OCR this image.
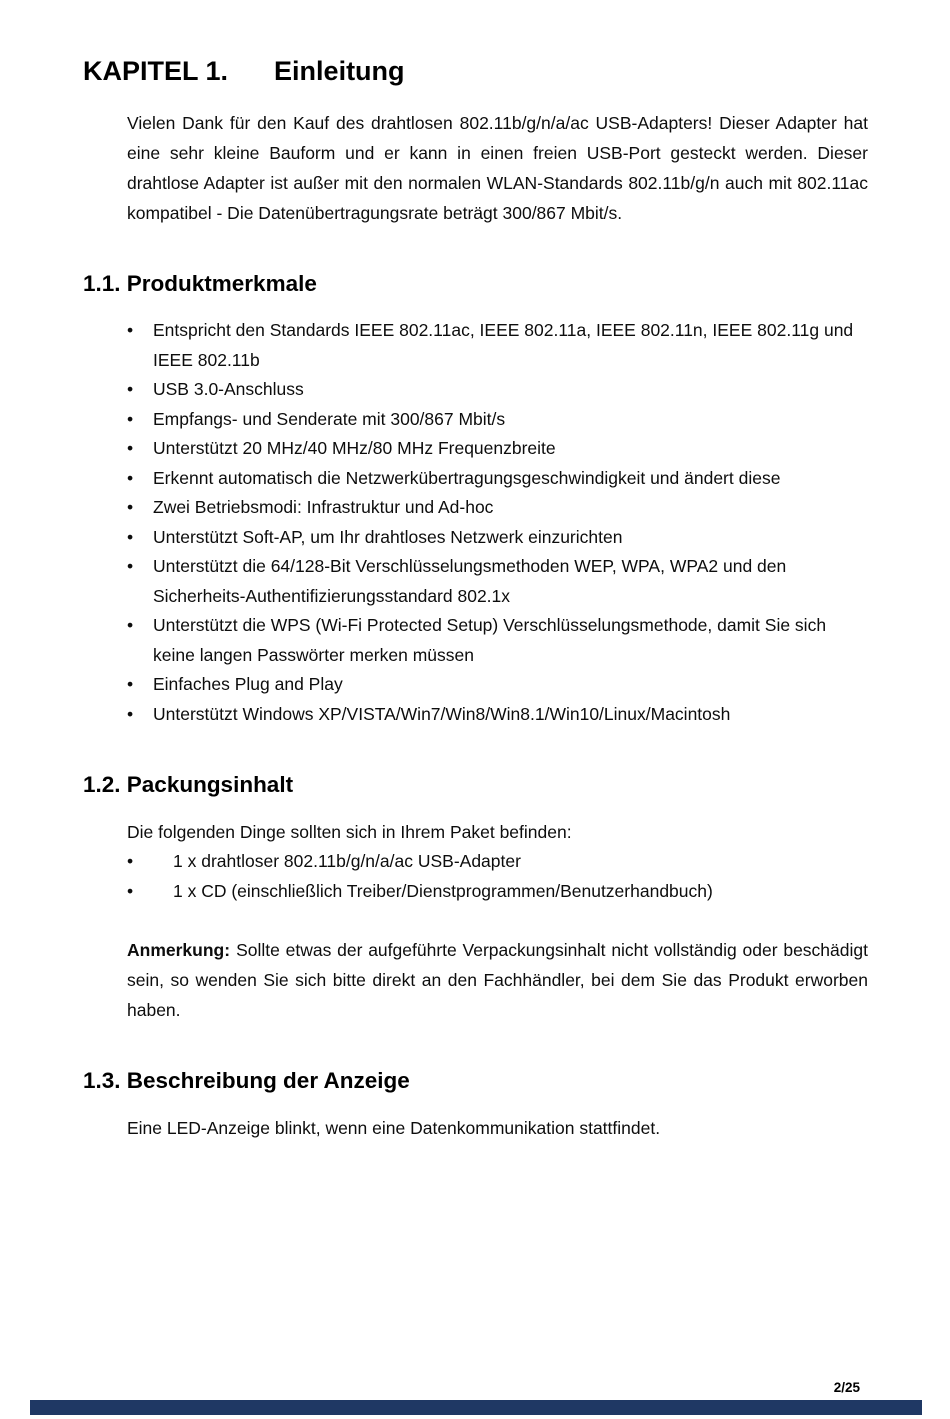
KAPITEL 1. Einleitung

Vielen Dank für den Kauf des drahtlosen 802.11b/g/n/a/ac USB-Adapters! Dieser Adapter hat eine sehr kleine Bauform und er kann in einen freien USB-Port gesteckt werden. Dieser drahtlose Adapter ist außer mit den normalen WLAN-Standards 802.11b/g/n auch mit 802.11ac kompatibel - Die Datenübertragungsrate beträgt 300/867 Mbit/s.

1.1. Produktmerkmale
•	Entspricht den Standards IEEE 802.11ac, IEEE 802.11a, IEEE 802.11n, IEEE 802.11g und IEEE 802.11b
•	USB 3.0-Anschluss
•	Empfangs- und Senderate mit 300/867 Mbit/s
•	Unterstützt 20 MHz/40 MHz/80 MHz Frequenzbreite
•	Erkennt automatisch die Netzwerkübertragungsgeschwindigkeit und ändert diese
•	Zwei Betriebsmodi: Infrastruktur und Ad-hoc
•	Unterstützt Soft-AP, um Ihr drahtloses Netzwerk einzurichten
•	Unterstützt die 64/128-Bit Verschlüsselungsmethoden WEP, WPA, WPA2 und den Sicherheits-Authentifizierungsstandard 802.1x
•	Unterstützt die WPS (Wi-Fi Protected Setup) Verschlüsselungsmethode, damit Sie sich keine langen Passwörter merken müssen
•	Einfaches Plug and Play
•	Unterstützt Windows XP/VISTA/Win7/Win8/Win8.1/Win10/Linux/Macintosh
1.2. Packungsinhalt

Die folgenden Dinge sollten sich in Ihrem Paket befinden:

•	1 x drahtloser 802.11b/g/n/a/ac USB-Adapter
•	1 x CD (einschließlich Treiber/Dienstprogrammen/Benutzerhandbuch)

Anmerkung: Sollte etwas der aufgeführte Verpackungsinhalt nicht vollständig oder beschädigt sein, so wenden Sie sich bitte direkt an den Fachhändler, bei dem Sie das Produkt erworben haben.

1.3. Beschreibung der Anzeige

Eine LED-Anzeige blinkt, wenn eine Datenkommunikation stattfindet.

2/25
